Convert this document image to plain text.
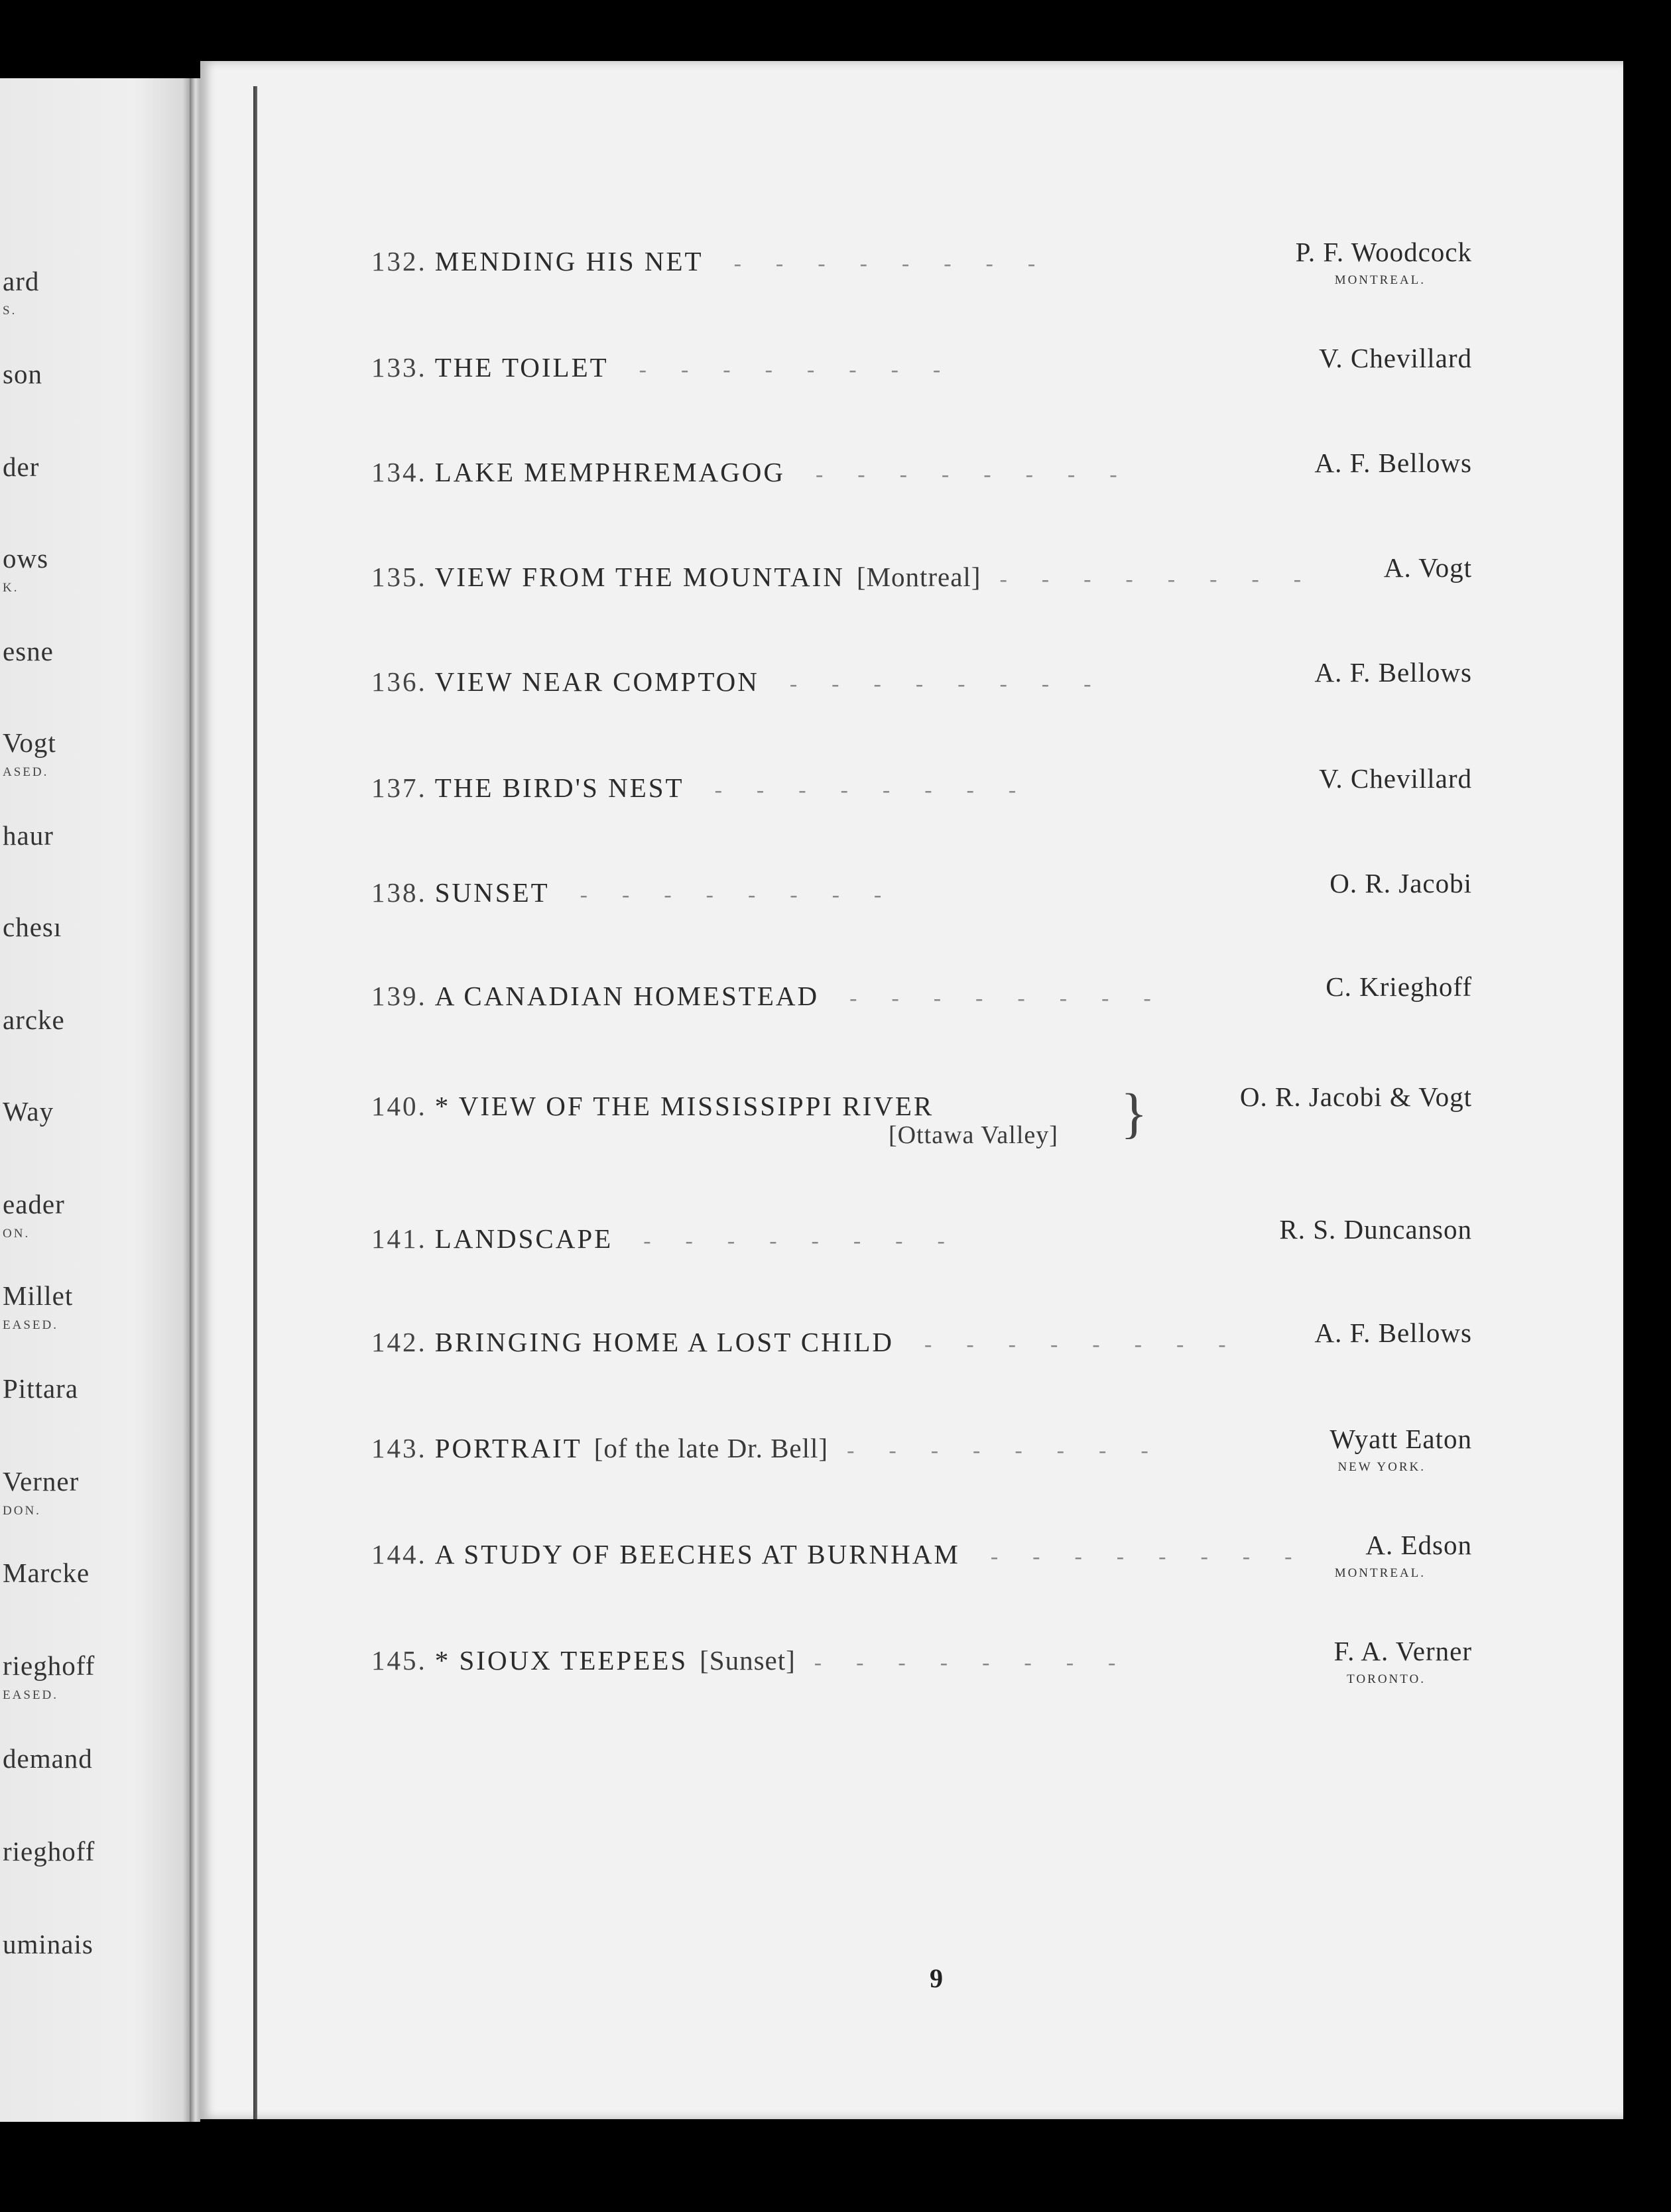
ard
S.
son
der
ows
K.
esne
Vogt
ASED.
haur
chesı
arcke
Way
eader
ON.
Millet
EASED.
Pittara
Verner
DON.
Marcke
rieghoff
EASED.
demand
rieghoff
uminais
132. MENDING HIS NET ‐‐‐‐‐‐‐‐	P. F. Woodcock
MONTREAL.
133. THE TOILET ‐‐‐‐‐‐‐‐	V. Chevillard
134. LAKE MEMPHREMAGOG ‐‐‐‐‐‐‐‐	A. F. Bellows
135. VIEW FROM THE MOUNTAIN [Montreal] ‐‐‐‐‐‐‐‐ A. Vogt
136. VIEW NEAR COMPTON ‐‐‐‐‐‐‐‐	A. F. Bellows
137. THE BIRD'S NEST ‐‐‐‐‐‐‐‐	V. Chevillard
138. SUNSET ‐‐‐‐‐‐‐‐	O. R. Jacobi
139. A CANADIAN HOMESTEAD ‐‐‐‐‐‐‐‐	C. Krieghoff
140. * VIEW OF THE MISSISSIPPI RIVER
[Ottawa Valley] }	O. R. Jacobi & Vogt
141. LANDSCAPE ‐‐‐‐‐‐‐‐	R. S. Duncanson
142. BRINGING HOME A LOST CHILD ‐‐‐‐‐‐‐‐ A. F. Bellows
143. PORTRAIT [of the late Dr. Bell] ‐‐‐‐‐‐‐‐	Wyatt Eaton
NEW YORK.
144. A STUDY OF BEECHES AT BURNHAM ‐‐‐‐‐‐‐‐ A. Edson
MONTREAL.
145. * SIOUX TEEPEES [Sunset] ‐‐‐‐‐‐‐‐	F. A. Verner
TORONTO.
9
